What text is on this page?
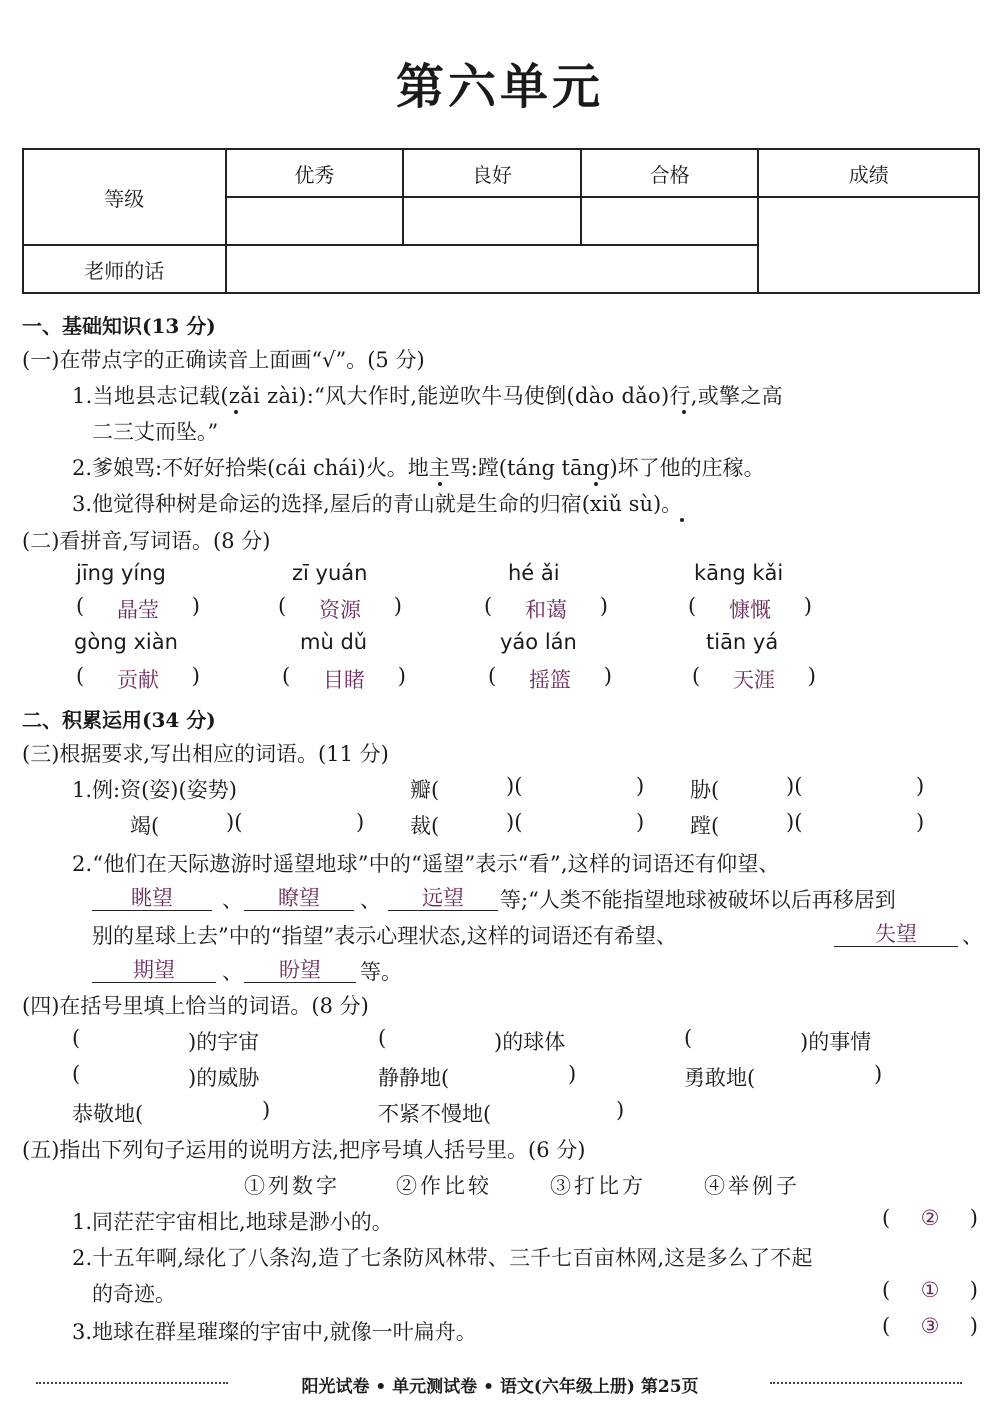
第六单元
等级	优秀	良好	合格	成绩

老师的话				
一、基础知识(13 分)
(一)在带点字的正确读音上面画“√”。(5 分)
1.当地县志记载(zǎi zài):“风大作时,能逆吹牛马使倒(dào dǎo)行,或擎之高
二三丈而坠。”
2.爹娘骂:不好好拾柴(cái chái)火。地主骂:蹚(táng tāng)坏了他的庄稼。
3.他觉得种树是命运的选择,屋后的青山就是生命的归宿(xiǔ sù)。
(二)看拼音,写词语。(8 分)
jīng yíng	zī yuán	hé ǎi	kāng kǎi
(	晶莹	)	(	资源	)	(	和蔼	)	(	慷慨	)
gòng xiàn	mù dǔ	yáo lán	tiān yá
(	贡献	)	(	目睹	)	(	摇篮	)	(	天涯	)
二、积累运用(34 分)
(三)根据要求,写出相应的词语。(11 分)
1.例:资(姿)(姿势)	瓣(	)(	) 胁(	)(	)
竭(	)(	) 裁(	)(	) 蹚(	)(	)
2.“他们在天际遨游时遥望地球”中的“遥望”表示“看”,这样的词语还有仰望、
眺望	、	瞭望	、	远望	等;“人类不能指望地球被破坏以后再移居到
别的星球上去”中的“指望”表示心理状态,这样的词语还有希望、	失望	、
期望	、	盼望	等。
(四)在括号里填上恰当的词语。(8 分)
(	)的宇宙	(	)的球体	(	)的事情
(	)的威胁	静静地(	)	勇敢地(	)
恭敬地(	)	不紧不慢地(	)
(五)指出下列句子运用的说明方法,把序号填人括号里。(6 分)
①列数字	②作比较	③打比方	④举例子
1.同茫茫宇宙相比,地球是渺小的。	(	②	)
2.十五年啊,绿化了八条沟,造了七条防风林带、三千七百亩林网,这是多么了不起
的奇迹。	(	①	)
3.地球在群星璀璨的宇宙中,就像一叶扁舟。	(	③	)
阳光试卷 • 单元测试卷 • 语文(六年级上册) 第25页
